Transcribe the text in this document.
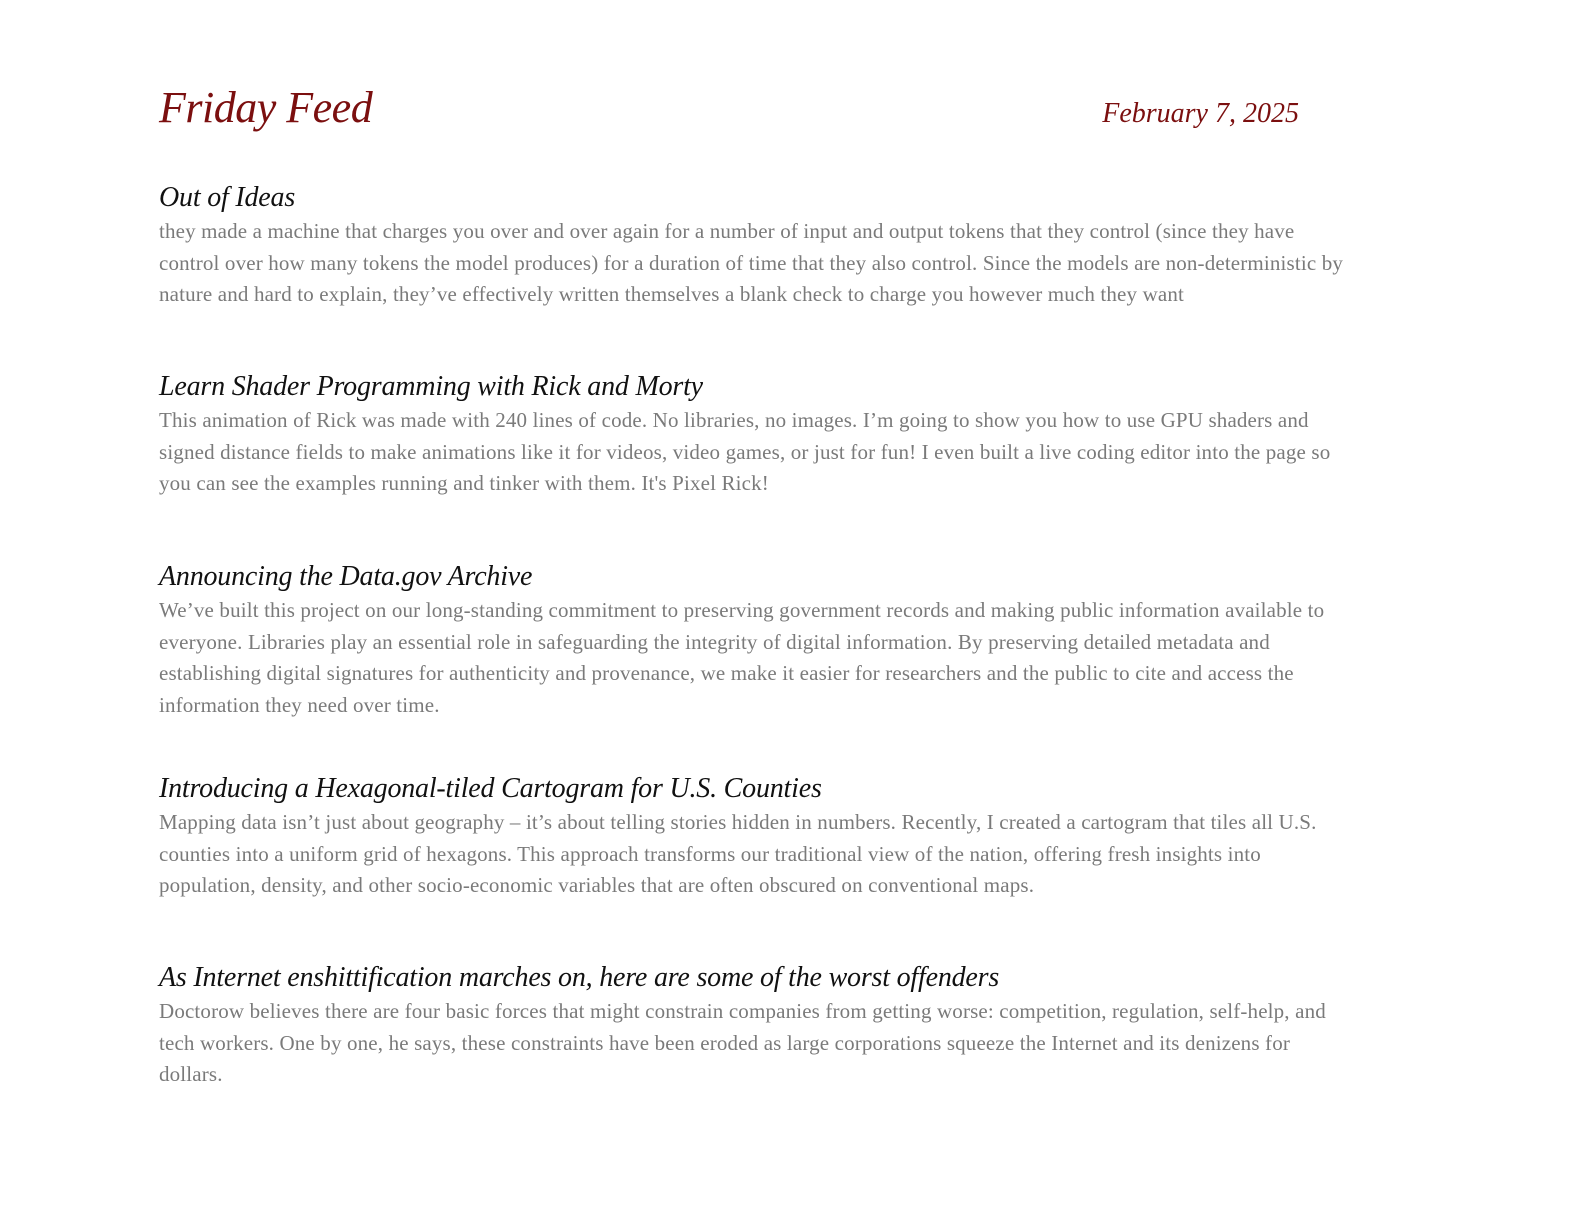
Friday Feed	February 7, 2025
Out of Ideas

they made a machine that charges you over and over again for a number of input and output tokens that they control (since they have control over how many tokens the model produces) for a duration of time that they also control. Since the models are non-deterministic by nature and hard to explain, they’ve effectively written themselves a blank check to charge you however much they want

Learn Shader Programming with Rick and Morty

This animation of Rick was made with 240 lines of code. No libraries, no images. I’m going to show you how to use GPU shaders and signed distance fields to make animations like it for videos, video games, or just for fun! I even built a live coding editor into the page so you can see the examples running and tinker with them. It's Pixel Rick!

Announcing the Data.gov Archive

We’ve built this project on our long-standing commitment to preserving government records and making public information available to everyone. Libraries play an essential role in safeguarding the integrity of digital information. By preserving detailed metadata and establishing digital signatures for authenticity and provenance, we make it easier for researchers and the public to cite and access the information they need over time.

Introducing a Hexagonal-tiled Cartogram for U.S. Counties

Mapping data isn’t just about geography – it’s about telling stories hidden in numbers. Recently, I created a cartogram that tiles all U.S. counties into a uniform grid of hexagons. This approach transforms our traditional view of the nation, offering fresh insights into population, density, and other socio-economic variables that are often obscured on conventional maps.

As Internet enshittification marches on, here are some of the worst offenders

Doctorow believes there are four basic forces that might constrain companies from getting worse: competition, regulation, self-help, and tech workers. One by one, he says, these constraints have been eroded as large corporations squeeze the Internet and its denizens for dollars.
